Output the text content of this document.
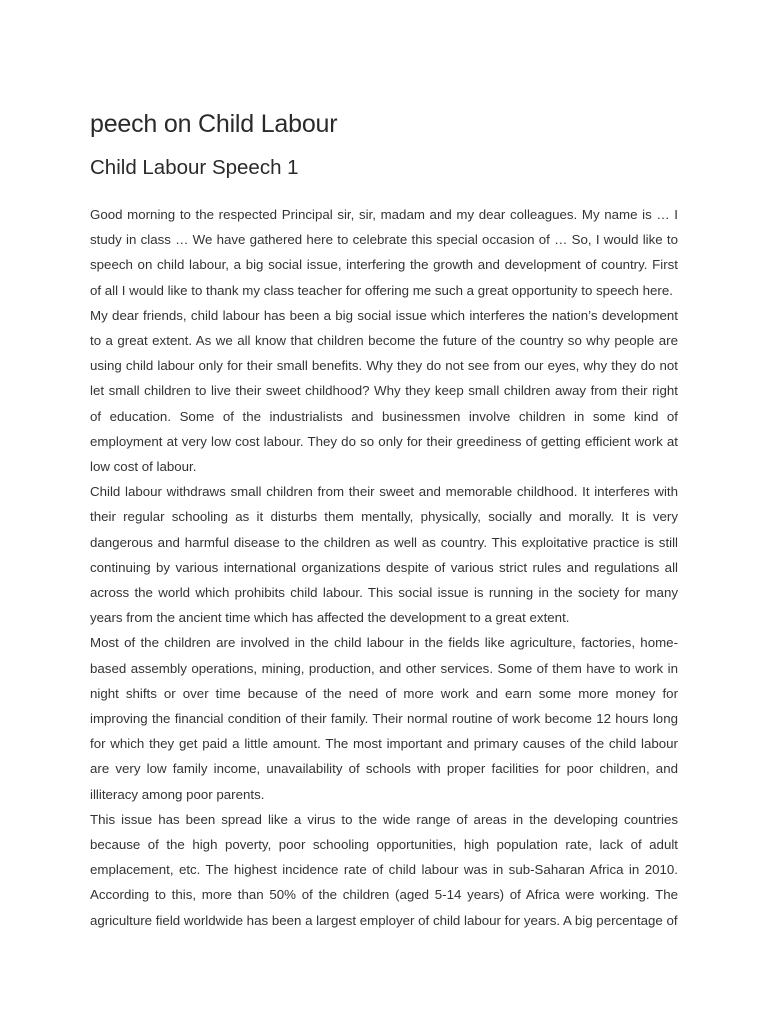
peech on Child Labour
Child Labour Speech 1

Good morning to the respected Principal sir, sir, madam and my dear colleagues. My name is … I study in class … We have gathered here to celebrate this special occasion of … So, I would like to speech on child labour, a big social issue, interfering the growth and development of country. First of all I would like to thank my class teacher for offering me such a great opportunity to speech here.

My dear friends, child labour has been a big social issue which interferes the nation’s development to a great extent. As we all know that children become the future of the country so why people are using child labour only for their small benefits. Why they do not see from our eyes, why they do not let small children to live their sweet childhood? Why they keep small children away from their right of education. Some of the industrialists and businessmen involve children in some kind of employment at very low cost labour. They do so only for their greediness of getting efficient work at low cost of labour.

Child labour withdraws small children from their sweet and memorable childhood. It interferes with their regular schooling as it disturbs them mentally, physically, socially and morally. It is very dangerous and harmful disease to the children as well as country. This exploitative practice is still continuing by various international organizations despite of various strict rules and regulations all across the world which prohibits child labour. This social issue is running in the society for many years from the ancient time which has affected the development to a great extent.

Most of the children are involved in the child labour in the fields like agriculture, factories, home-based assembly operations, mining, production, and other services. Some of them have to work in night shifts or over time because of the need of more work and earn some more money for improving the financial condition of their family. Their normal routine of work become 12 hours long for which they get paid a little amount. The most important and primary causes of the child labour are very low family income, unavailability of schools with proper facilities for poor children, and illiteracy among poor parents.

This issue has been spread like a virus to the wide range of areas in the developing countries because of the high poverty, poor schooling opportunities, high population rate, lack of adult emplacement, etc. The highest incidence rate of child labour was in sub-Saharan Africa in 2010. According to this, more than 50% of the children (aged 5-14 years) of Africa were working. The agriculture field worldwide has been a largest employer of child labour for years. A big percentage of
